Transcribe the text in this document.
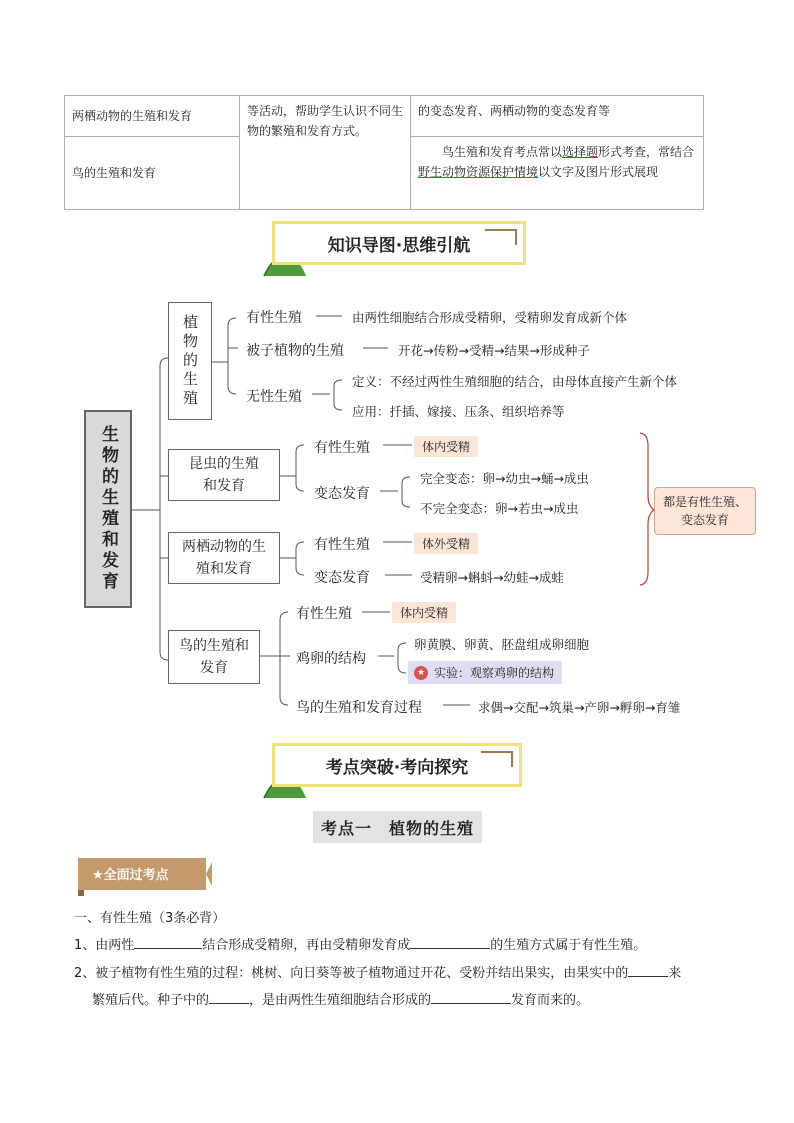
两栖动物的生殖和发育	等活动，帮助学生认识不同生物的繁殖和发育方式。	的变态发育、两栖动物的变态发育等
鸟的生殖和发育		鸟生殖和发育考点常以选择题形式考查，常结合野生动物资源保护情境以文字及图片形式展现
知识导图·思维引航
生物的生殖和发育
植物的生殖	有性生殖	由两性细胞结合形成受精卵，受精卵发育成新个体
被子植物的生殖	开花→传粉→受精→结果→形成种子
无性生殖
定义：不经过两性生殖细胞的结合，由母体直接产生新个体
应用：扦插、嫁接、压条、组织培养等
昆虫的生殖和发育
有性生殖	体内受精
变态发育
完全变态：卵→幼虫→蛹→成虫
不完全变态：卵→若虫→成虫
两栖动物的生殖和发育
有性生殖	体外受精
变态发育	受精卵→蝌蚪→幼蛙→成蛙
都是有性生殖、变态发育
鸟的生殖和发育
有性生殖	体内受精
鸡卵的结构
卵黄膜、卵黄、胚盘组成卵细胞
★ 实验：观察鸡卵的结构
鸟的生殖和发育过程	求偶→交配→筑巢→产卵→孵卵→育雏
考点突破·考向探究
考点一　植物的生殖
★全面过考点
一、有性生殖（3条必背）
1、由两性	结合形成受精卵，再由受精卵发育成	的生殖方式属于有性生殖。
2、被子植物有性生殖的过程：桃树、向日葵等被子植物通过开花、受粉并结出果实，由果实中的	来
繁殖后代。种子中的	，是由两性生殖细胞结合形成的	发育而来的。
